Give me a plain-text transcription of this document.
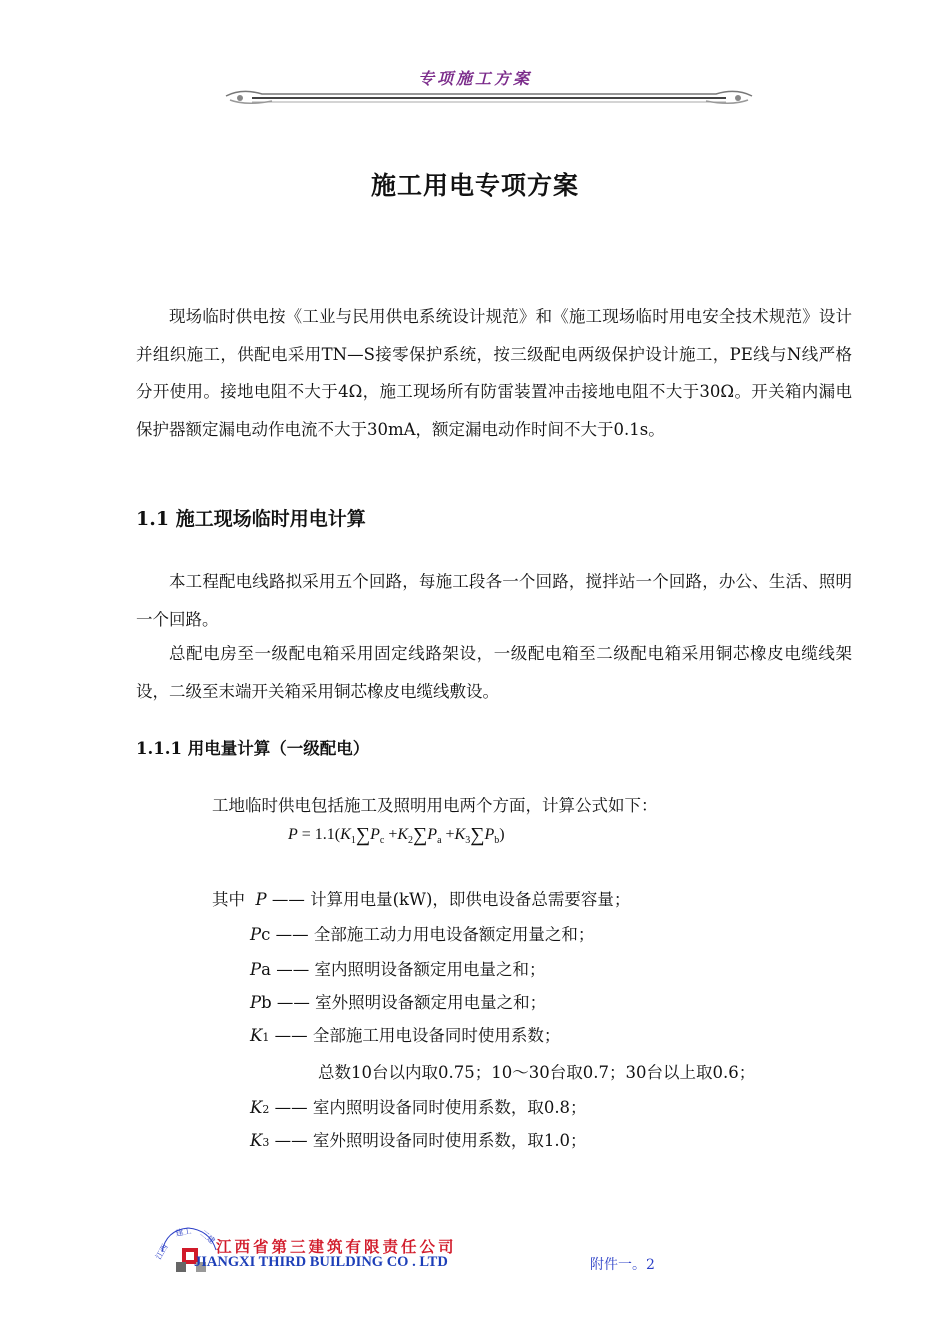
专项施工方案
施工用电专项方案

现场临时供电按《工业与民用供电系统设计规范》和《施工现场临时用电安全技术规范》设计并组织施工，供配电采用TN—S接零保护系统，按三级配电两级保护设计施工，PE线与N线严格分开使用。接地电阻不大于4Ω，施工现场所有防雷装置冲击接地电阻不大于30Ω。开关箱内漏电保护器额定漏电动作电流不大于30mA，额定漏电动作时间不大于0.1s。

1.1 施工现场临时用电计算

本工程配电线路拟采用五个回路，每施工段各一个回路，搅拌站一个回路，办公、生活、照明一个回路。

总配电房至一级配电箱采用固定线路架设，一级配电箱至二级配电箱采用铜芯橡皮电缆线架设，二级至末端开关箱采用铜芯橡皮电缆线敷设。

1.1.1 用电量计算（一级配电）
工地临时供电包括施工及照明用电两个方面，计算公式如下：
$P = 1.1(K_1\sum P_c +K_2\sum P_a +K_3\sum P_b)$
其中 P —— 计算用电量(kW)，即供电设备总需要容量；
Pc —— 全部施工动力用电设备额定用量之和；
Pa —— 室内照明设备额定用电量之和；
Pb —— 室外照明设备额定用电量之和；
K1 —— 全部施工用电设备同时使用系数；
总数10台以内取0.75；10～30台取0.7；30台以上取0.6；
K2 —— 室内照明设备同时使用系数，取0.8；
K3 —— 室外照明设备同时使用系数，取1.0；
江西
建工 三建
江西省第三建筑有限责任公司
JIANGXI THIRD BUILDING CO . LTD	附件一。2
